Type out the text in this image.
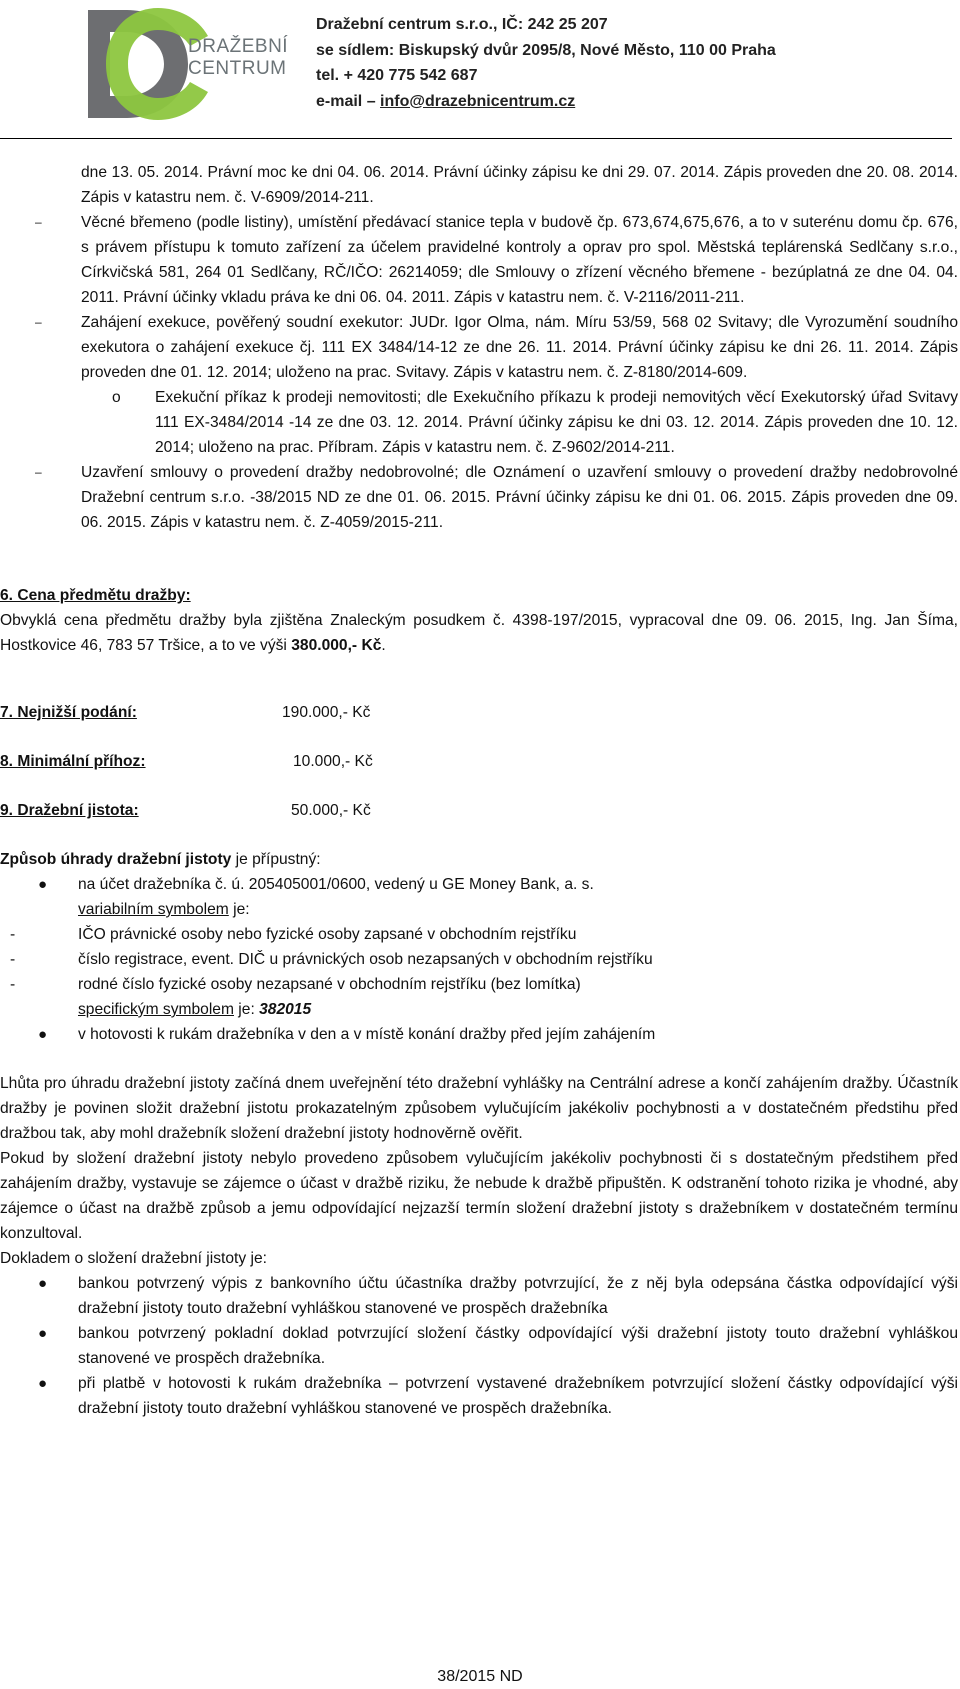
DRAŽEBNÍ
CENTRUM
Dražební centrum s.r.o., IČ: 242 25 207
se sídlem: Biskupský dvůr 2095/8, Nové Město, 110 00 Praha
tel. + 420 775 542 687
e-mail – info@drazebnicentrum.cz

dne 13. 05. 2014. Právní moc ke dni 04. 06. 2014. Právní účinky zápisu ke dni 29. 07. 2014. Zápis proveden dne 20. 08. 2014. Zápis v katastru nem. č. V-6909/2014-211.

–	Věcné břemeno (podle listiny), umístění předávací stanice tepla v budově čp. 673,674,675,676, a to v suterénu domu čp. 676, s právem přístupu k tomuto zařízení za účelem pravidelné kontroly a oprav pro spol. Městská teplárenská Sedlčany s.r.o., Církvičská 581, 264 01 Sedlčany, RČ/IČO: 26214059; dle Smlouvy o zřízení věcného břemene - bezúplatná ze dne 04. 04. 2011. Právní účinky vkladu práva ke dni 06. 04. 2011. Zápis v katastru nem. č. V-2116/2011-211.
–	Zahájení exekuce, pověřený soudní exekutor: JUDr. Igor Olma, nám. Míru 53/59, 568 02 Svitavy; dle Vyrozumění soudního exekutora o zahájení exekuce čj. 111 EX 3484/14-12 ze dne 26. 11. 2014. Právní účinky zápisu ke dni 26. 11. 2014. Zápis proveden dne 01. 12. 2014; uloženo na prac. Svitavy. Zápis v katastru nem. č. Z-8180/2014-609.
o Exekuční příkaz k prodeji nemovitosti; dle Exekučního příkazu k prodeji nemovitých věcí Exekutorský úřad Svitavy 111 EX-3484/2014 -14 ze dne 03. 12. 2014. Právní účinky zápisu ke dni 03. 12. 2014. Zápis proveden dne 10. 12. 2014; uloženo na prac. Příbram. Zápis v katastru nem. č. Z-9602/2014-211.
–	Uzavření smlouvy o provedení dražby nedobrovolné; dle Oznámení o uzavření smlouvy o provedení dražby nedobrovolné Dražební centrum s.r.o. -38/2015 ND ze dne 01. 06. 2015. Právní účinky zápisu ke dni 01. 06. 2015. Zápis proveden dne 09. 06. 2015. Zápis v katastru nem. č. Z-4059/2015-211.
6. Cena předmětu dražby:

Obvyklá cena předmětu dražby byla zjištěna Znaleckým posudkem č. 4398-197/2015, vypracoval dne 09. 06. 2015, Ing. Jan Šíma, Hostkovice 46, 783 57 Tršice, a to ve výši 380.000,- Kč.

7. Nejnižší podání:	190.000,- Kč
8. Minimální příhoz:	10.000,- Kč
9. Dražební jistota:	50.000,- Kč
Způsob úhrady dražební jistoty je přípustný:
● na účet dražebníka č. ú. 205405001/0600, vedený u GE Money Bank, a. s.
variabilním symbolem je:
-	IČO právnické osoby nebo fyzické osoby zapsané v obchodním rejstříku
-	číslo registrace, event. DIČ u právnických osob nezapsaných v obchodním rejstříku
-	rodné číslo fyzické osoby nezapsané v obchodním rejstříku (bez lomítka)
specifickým symbolem je: 382015
● v hotovosti k rukám dražebníka v den a v místě konání dražby před jejím zahájením

Lhůta pro úhradu dražební jistoty začíná dnem uveřejnění této dražební vyhlášky na Centrální adrese a končí zahájením dražby. Účastník dražby je povinen složit dražební jistotu prokazatelným způsobem vylučujícím jakékoliv pochybnosti a v dostatečném předstihu před dražbou tak, aby mohl dražebník složení dražební jistoty hodnověrně ověřit.

Pokud by složení dražební jistoty nebylo provedeno způsobem vylučujícím jakékoliv pochybnosti či s dostatečným předstihem před zahájením dražby, vystavuje se zájemce o účast v dražbě riziku, že nebude k dražbě připuštěn. K odstranění tohoto rizika je vhodné, aby zájemce o účast na dražbě způsob a jemu odpovídající nejzazší termín složení dražební jistoty s dražebníkem v dostatečném termínu konzultoval.

Dokladem o složení dražební jistoty je:
● bankou potvrzený výpis z bankovního účtu účastníka dražby potvrzující, že z něj byla odepsána částka odpovídající výši dražební jistoty touto dražební vyhláškou stanovené ve prospěch dražebníka
● bankou potvrzený pokladní doklad potvrzující složení částky odpovídající výši dražební jistoty touto dražební vyhláškou stanovené ve prospěch dražebníka.
● při platbě v hotovosti k rukám dražebníka – potvrzení vystavené dražebníkem potvrzující složení částky odpovídající výši dražební jistoty touto dražební vyhláškou stanovené ve prospěch dražebníka.
38/2015 ND
